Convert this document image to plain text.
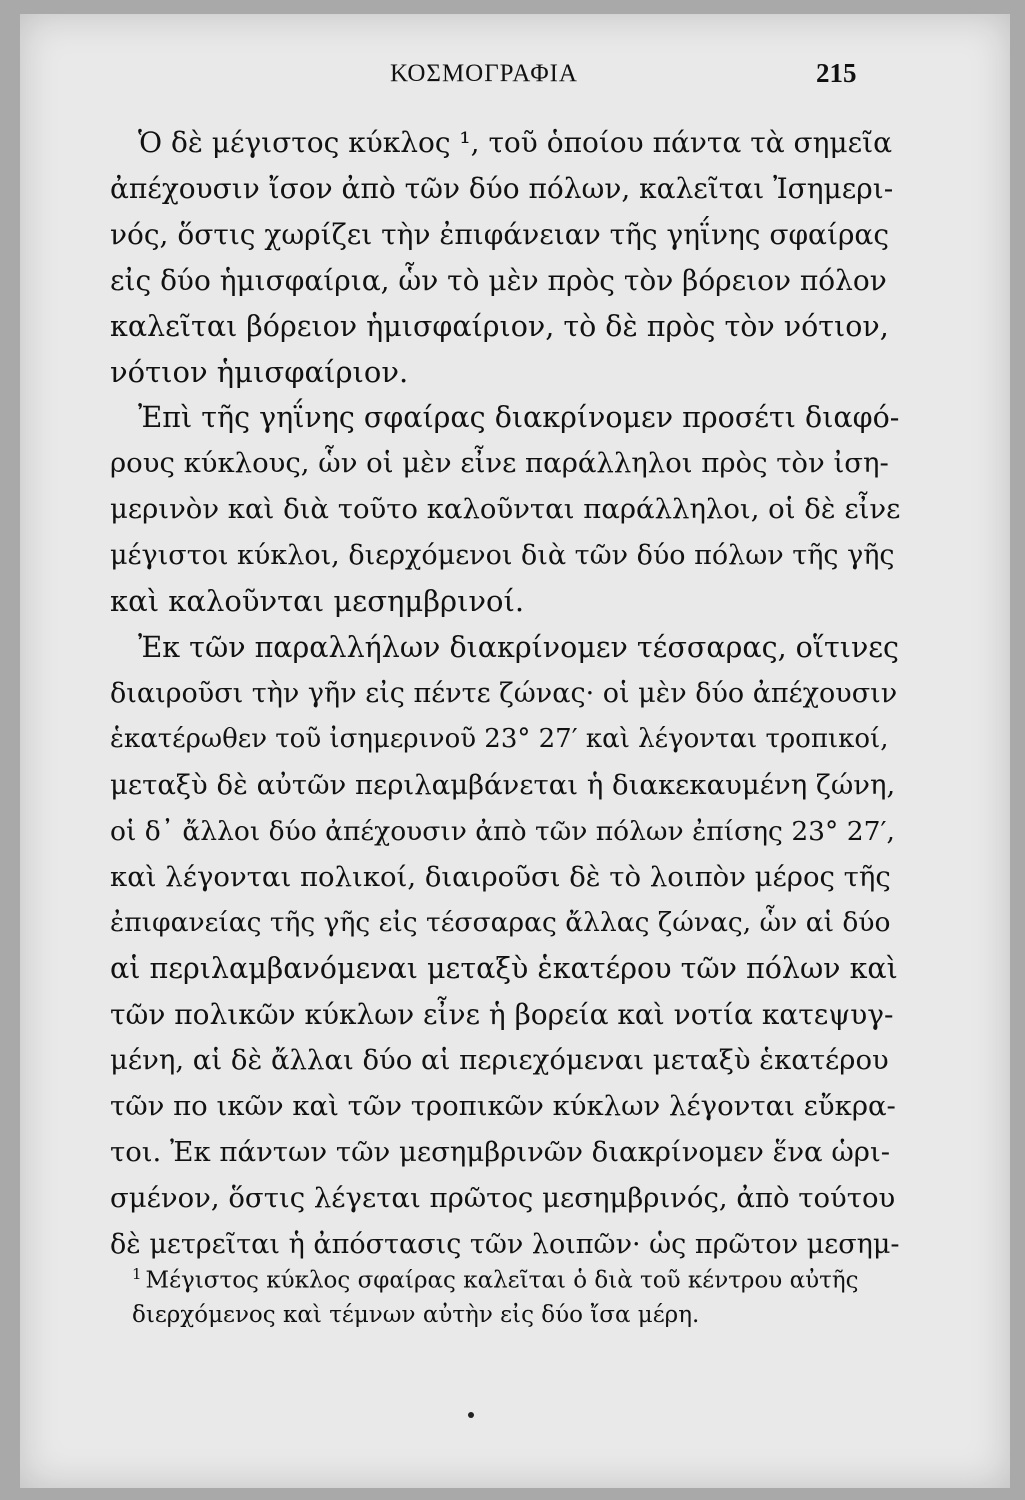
ΚΟΣΜΟΓΡΑΦΙΑ	215

Ὁ δὲ μέγιστος κύκλος ¹, τοῦ ὁποίου πάντα τὰ σημεῖα
ἀπέχουσιν ἴσον ἀπὸ τῶν δύο πόλων, καλεῖται Ἰσημερι-
νός, ὅστις χωρίζει τὴν ἐπιφάνειαν τῆς γηΐνης σφαίρας
εἰς δύο ἡμισφαίρια, ὧν τὸ μὲν πρὸς τὸν βόρειον πόλον
καλεῖται βόρειον ἡμισφαίριον, τὸ δὲ πρὸς τὸν νότιον,
νότιον ἡμισφαίριον.

Ἐπὶ τῆς γηΐνης σφαίρας διακρίνομεν προσέτι διαφό-
ρους κύκλους, ὧν οἱ μὲν εἶνε παράλληλοι πρὸς τὸν ἰση-
μερινὸν καὶ διὰ τοῦτο καλοῦνται παράλληλοι, οἱ δὲ εἶνε
μέγιστοι κύκλοι, διερχόμενοι διὰ τῶν δύο πόλων τῆς γῆς
καὶ καλοῦνται μεσημβρινοί.

Ἐκ τῶν παραλλήλων διακρίνομεν τέσσαρας, οἵτινες
διαιροῦσι τὴν γῆν εἰς πέντε ζώνας· οἱ μὲν δύο ἀπέχουσιν
ἑκατέρωθεν τοῦ ἰσημερινοῦ 23° 27′ καὶ λέγονται τροπικοί,
μεταξὺ δὲ αὐτῶν περιλαμβάνεται ἡ διακεκαυμένη ζώνη,
οἱ δ᾽ ἄλλοι δύο ἀπέχουσιν ἀπὸ τῶν πόλων ἐπίσης 23° 27′,
καὶ λέγονται πολικοί, διαιροῦσι δὲ τὸ λοιπὸν μέρος τῆς
ἐπιφανείας τῆς γῆς εἰς τέσσαρας ἄλλας ζώνας, ὧν αἱ δύο
αἱ περιλαμβανόμεναι μεταξὺ ἑκατέρου τῶν πόλων καὶ
τῶν πολικῶν κύκλων εἶνε ἡ βορεία καὶ νοτία κατεψυγ-
μένη, αἱ δὲ ἄλλαι δύο αἱ περιεχόμεναι μεταξὺ ἑκατέρου
τῶν πο ικῶν καὶ τῶν τροπικῶν κύκλων λέγονται εὔκρα-
τοι. Ἐκ πάντων τῶν μεσημβρινῶν διακρίνομεν ἕνα ὡρι-
σμένον, ὅστις λέγεται πρῶτος μεσημβρινός, ἀπὸ τούτου
δὲ μετρεῖται ἡ ἀπόστασις τῶν λοιπῶν· ὡς πρῶτον μεσημ-

$^1$ Μέγιστος κύκλος σφαίρας καλεῖται ὁ διὰ τοῦ κέντρου αὐτῆς
διερχόμενος καὶ τέμνων αὐτὴν εἰς δύο ἴσα μέρη.
